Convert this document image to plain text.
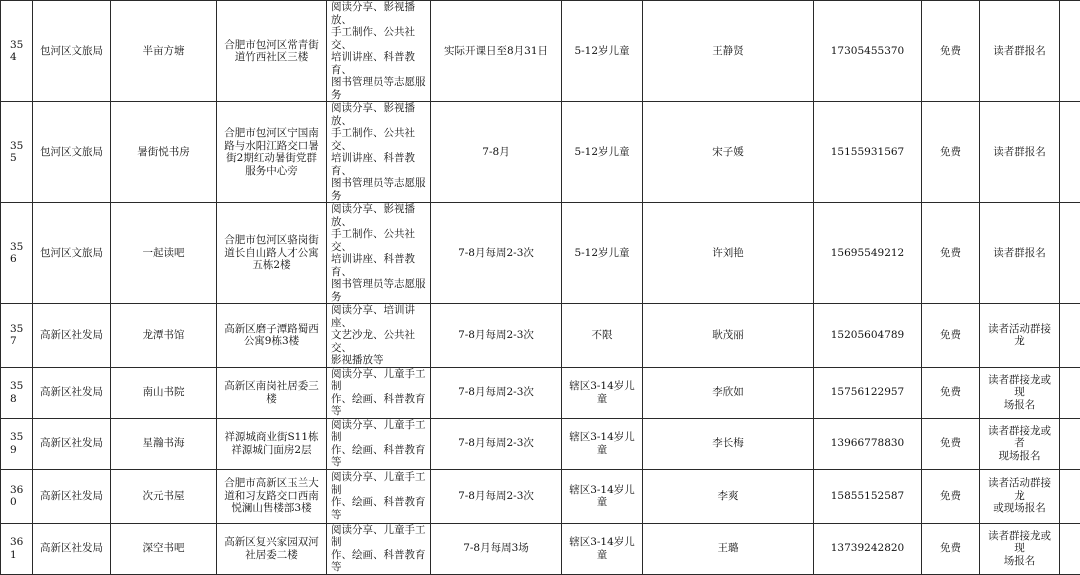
354	包河区文旅局	半亩方塘	合肥市包河区常青街
道竹西社区三楼	阅读分享、影视播放、
手工制作、公共社交、
培训讲座、科普教育、
图书管理员等志愿服务	实际开课日至8月31日	5-12岁儿童	王静贤	17305455370	免费	读者群报名	
355	包河区文旅局	暑街悦书房	合肥市包河区宁国南
路与水阳江路交口暑
街2期红动暑街党群
服务中心旁	阅读分享、影视播放、
手工制作、公共社交、
培训讲座、科普教育、
图书管理员等志愿服务	7-8月	5-12岁儿童	宋子媛	15155931567	免费	读者群报名	
356	包河区文旅局	一起读吧	合肥市包河区骆岗街
道长自山路人才公寓
五栋2楼	阅读分享、影视播放、
手工制作、公共社交、
培训讲座、科普教育、
图书管理员等志愿服务	7-8月每周2-3次	5-12岁儿童	许刘艳	15695549212	免费	读者群报名	
357	高新区社发局	龙潭书馆	高新区磨子潭路蜀西
公寓9栋3楼	阅读分享、培训讲座、
文艺沙龙、公共社交、
影视播放等	7-8月每周2-3次	不限	耿茂丽	15205604789	免费	读者活动群接龙	
358	高新区社发局	南山书院	高新区南岗社居委三
楼	阅读分享、儿童手工制
作、绘画、科普教育等	7-8月每周2-3次	辖区3-14岁儿童	李欣如	15756122957	免费	读者群接龙或现
场报名	
359	高新区社发局	星瀚书海	祥源城商业街S11栋
祥源城门面房2层	阅读分享、儿童手工制
作、绘画、科普教育等	7-8月每周2-3次	辖区3-14岁儿童	李长梅	13966778830	免费	读者群接龙或者
现场报名	
360	高新区社发局	次元书屋	合肥市高新区玉兰大
道和习友路交口西南
悦澜山售楼部3楼	阅读分享、儿童手工制
作、绘画、科普教育等	7-8月每周2-3次	辖区3-14岁儿童	李爽	15855152587	免费	读者活动群接龙
或现场报名	
361	高新区社发局	深空书吧	高新区复兴家园双河
社居委二楼	阅读分享、儿童手工制
作、绘画、科普教育等	7-8月每周3场	辖区3-14岁儿童	王璐	13739242820	免费	读者群接龙或现
场报名	
